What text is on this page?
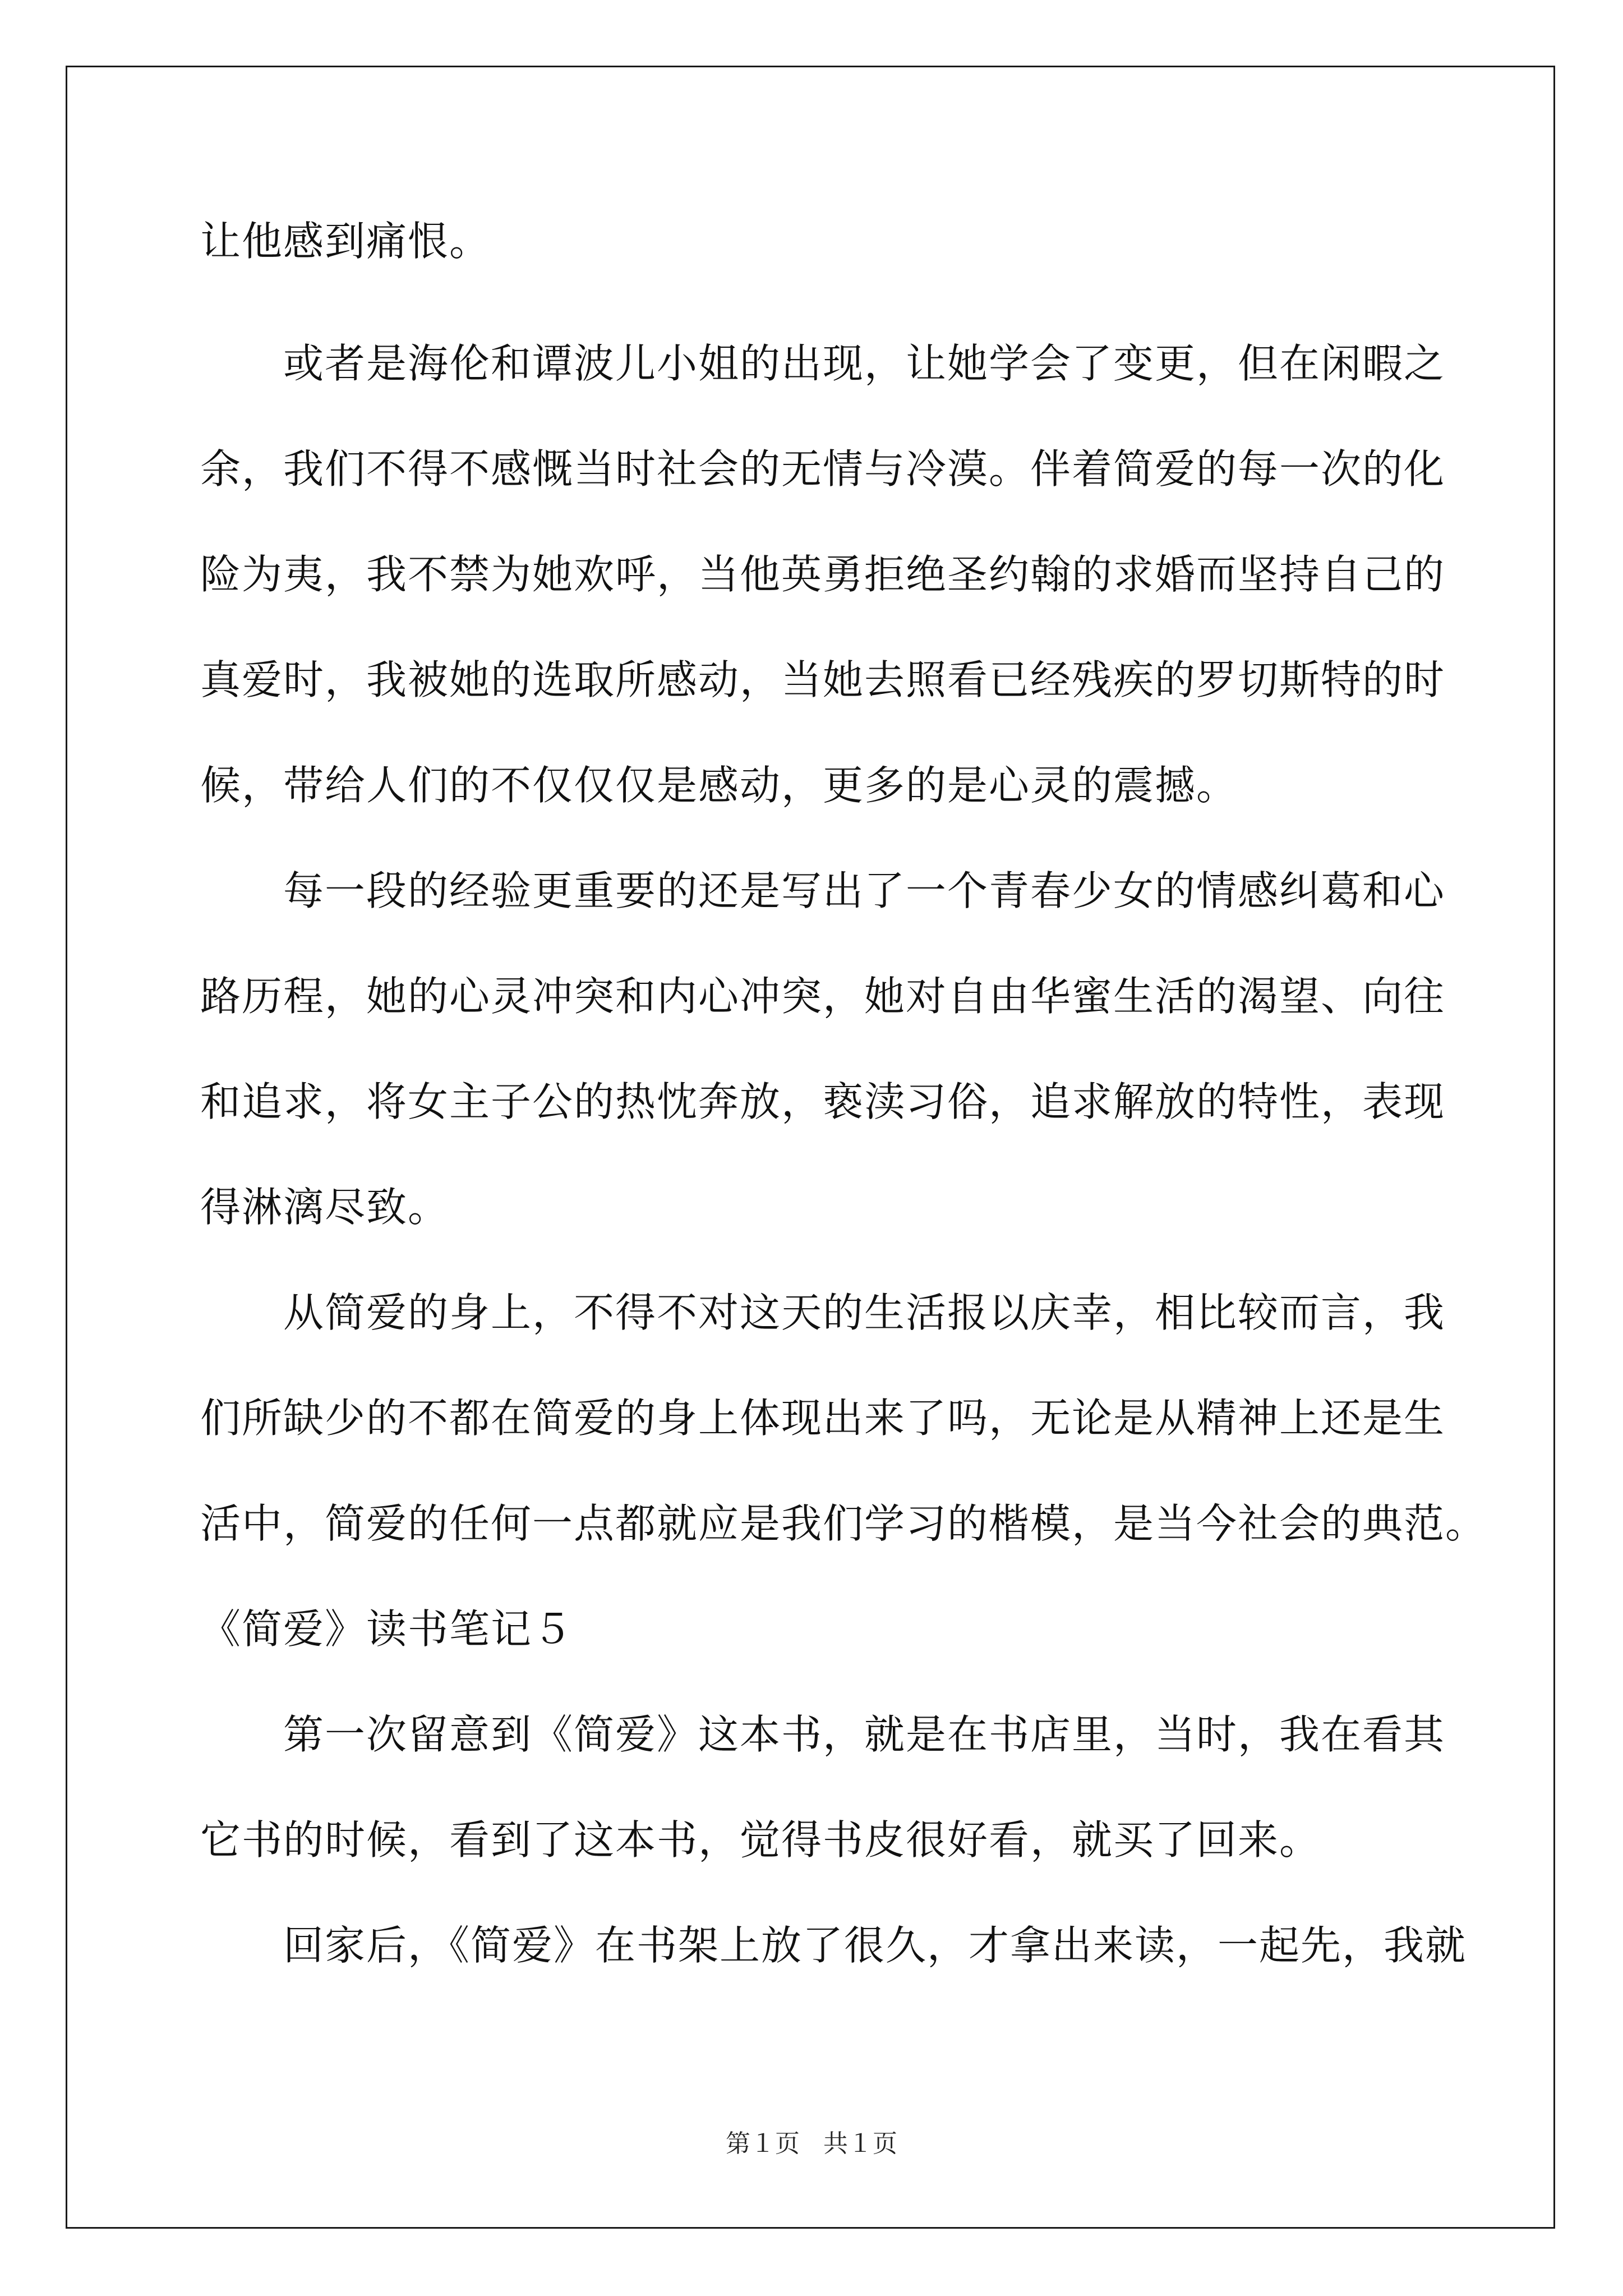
让他感到痛恨。
或者是海伦和谭波儿小姐的出现，让她学会了变更，但在闲暇之
余，我们不得不感慨当时社会的无情与冷漠。伴着简爱的每一次的化
险为夷，我不禁为她欢呼，当他英勇拒绝圣约翰的求婚而坚持自己的
真爱时，我被她的选取所感动，当她去照看已经残疾的罗切斯特的时
候，带给人们的不仅仅仅是感动，更多的是心灵的震撼。
每一段的经验更重要的还是写出了一个青春少女的情感纠葛和心
路历程，她的心灵冲突和内心冲突，她对自由华蜜生活的渴望、向往
和追求，将女主子公的热忱奔放，亵渎习俗，追求解放的特性，表现
得淋漓尽致。
从简爱的身上，不得不对这天的生活报以庆幸，相比较而言，我
们所缺少的不都在简爱的身上体现出来了吗，无论是从精神上还是生
活中，简爱的任何一点都就应是我们学习的楷模，是当今社会的典范。
《简爱》读书笔记５
第一次留意到《简爱》这本书，就是在书店里，当时，我在看其
它书的时候，看到了这本书，觉得书皮很好看，就买了回来。
回家后，《简爱》在书架上放了很久，才拿出来读，一起先，我就
第１页 共１页
